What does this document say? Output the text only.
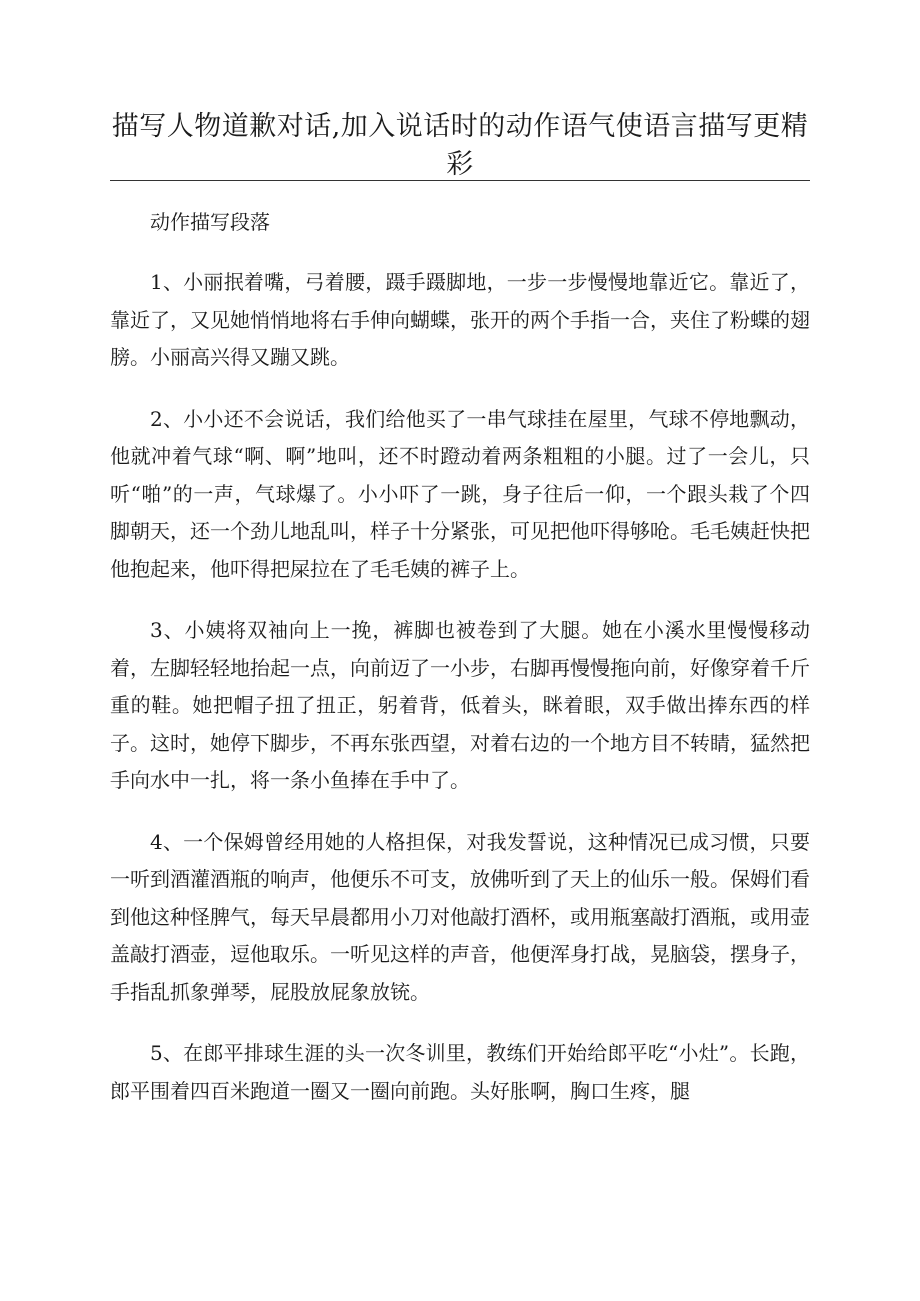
描写人物道歉对话,加入说话时的动作语气使语言描写更精彩

动作描写段落

1、小丽抿着嘴，弓着腰，蹑手蹑脚地，一步一步慢慢地靠近它。靠近了，靠近了，又见她悄悄地将右手伸向蝴蝶，张开的两个手指一合，夹住了粉蝶的翅膀。小丽高兴得又蹦又跳。

2、小小还不会说话，我们给他买了一串气球挂在屋里，气球不停地飘动，他就冲着气球“啊、啊”地叫，还不时蹬动着两条粗粗的小腿。过了一会儿，只听“啪”的一声，气球爆了。小小吓了一跳，身子往后一仰，一个跟头栽了个四脚朝天，还一个劲儿地乱叫，样子十分紧张，可见把他吓得够呛。毛毛姨赶快把他抱起来，他吓得把屎拉在了毛毛姨的裤子上。

3、小姨将双袖向上一挽，裤脚也被卷到了大腿。她在小溪水里慢慢移动着，左脚轻轻地抬起一点，向前迈了一小步，右脚再慢慢拖向前，好像穿着千斤重的鞋。她把帽子扭了扭正，躬着背，低着头，眯着眼，双手做出捧东西的样子。这时，她停下脚步，不再东张西望，对着右边的一个地方目不转睛，猛然把手向水中一扎，将一条小鱼捧在手中了。

4、一个保姆曾经用她的人格担保，对我发誓说，这种情况已成习惯，只要一听到酒灌酒瓶的响声，他便乐不可支，放佛听到了天上的仙乐一般。保姆们看到他这种怪脾气，每天早晨都用小刀对他敲打酒杯，或用瓶塞敲打酒瓶，或用壶盖敲打酒壶，逗他取乐。一听见这样的声音，他便浑身打战，晃脑袋，摆身子，手指乱抓象弹琴，屁股放屁象放铳。

5、在郎平排球生涯的头一次冬训里，教练们开始给郎平吃“小灶”。长跑，郎平围着四百米跑道一圈又一圈向前跑。头好胀啊，胸口生疼，腿
